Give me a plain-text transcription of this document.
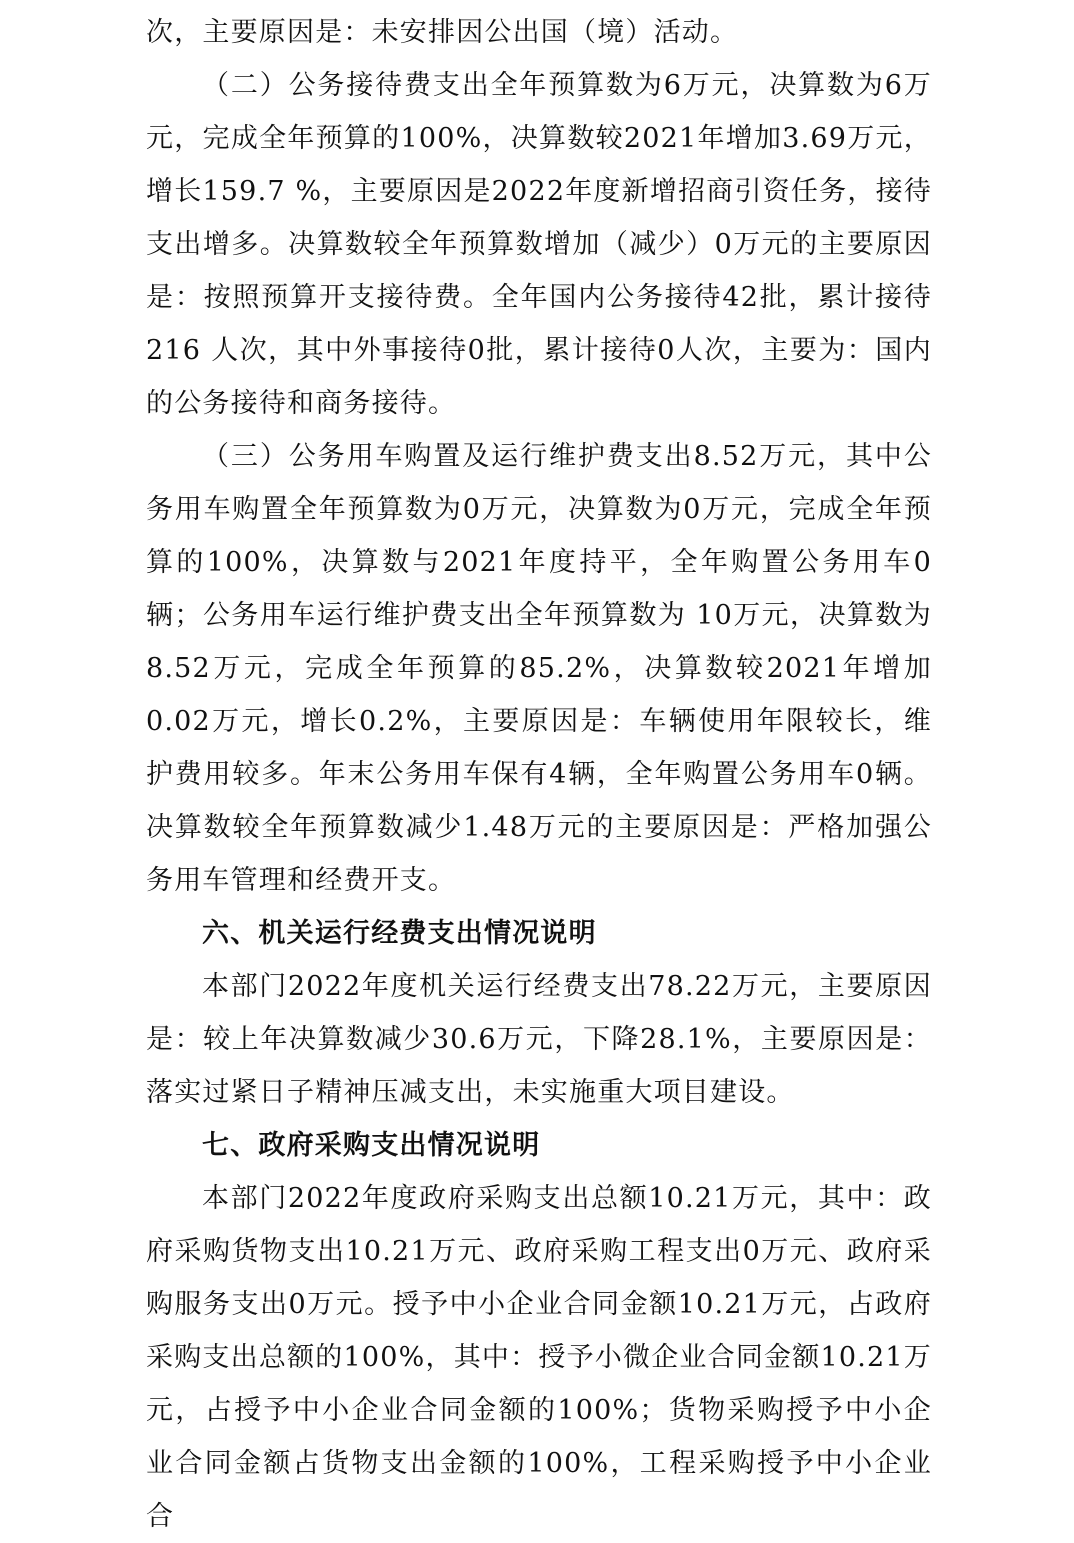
次，主要原因是：未安排因公出国（境）活动。

（二）公务接待费支出全年预算数为6万元，决算数为6万元，完成全年预算的100%，决算数较2021年增加3.69万元，增长159.7 %，主要原因是2022年度新增招商引资任务，接待支出增多。决算数较全年预算数增加（减少）0万元的主要原因是：按照预算开支接待费。全年国内公务接待42批，累计接待216 人次，其中外事接待0批，累计接待0人次，主要为：国内的公务接待和商务接待。

（三）公务用车购置及运行维护费支出8.52万元，其中公务用车购置全年预算数为0万元，决算数为0万元，完成全年预算的100%，决算数与2021年度持平，全年购置公务用车0辆；公务用车运行维护费支出全年预算数为 10万元，决算数为8.52万元，完成全年预算的85.2%，决算数较2021年增加0.02万元，增长0.2%，主要原因是：车辆使用年限较长，维护费用较多。年末公务用车保有4辆，全年购置公务用车0辆。决算数较全年预算数减少1.48万元的主要原因是：严格加强公务用车管理和经费开支。

六、机关运行经费支出情况说明

本部门2022年度机关运行经费支出78.22万元，主要原因是：较上年决算数减少30.6万元，下降28.1%，主要原因是：落实过紧日子精神压减支出，未实施重大项目建设。

七、政府采购支出情况说明

本部门2022年度政府采购支出总额10.21万元，其中：政府采购货物支出10.21万元、政府采购工程支出0万元、政府采购服务支出0万元。授予中小企业合同金额10.21万元，占政府采购支出总额的100%，其中：授予小微企业合同金额10.21万元，占授予中小企业合同金额的100%；货物采购授予中小企业合同金额占货物支出金额的100%，工程采购授予中小企业合
